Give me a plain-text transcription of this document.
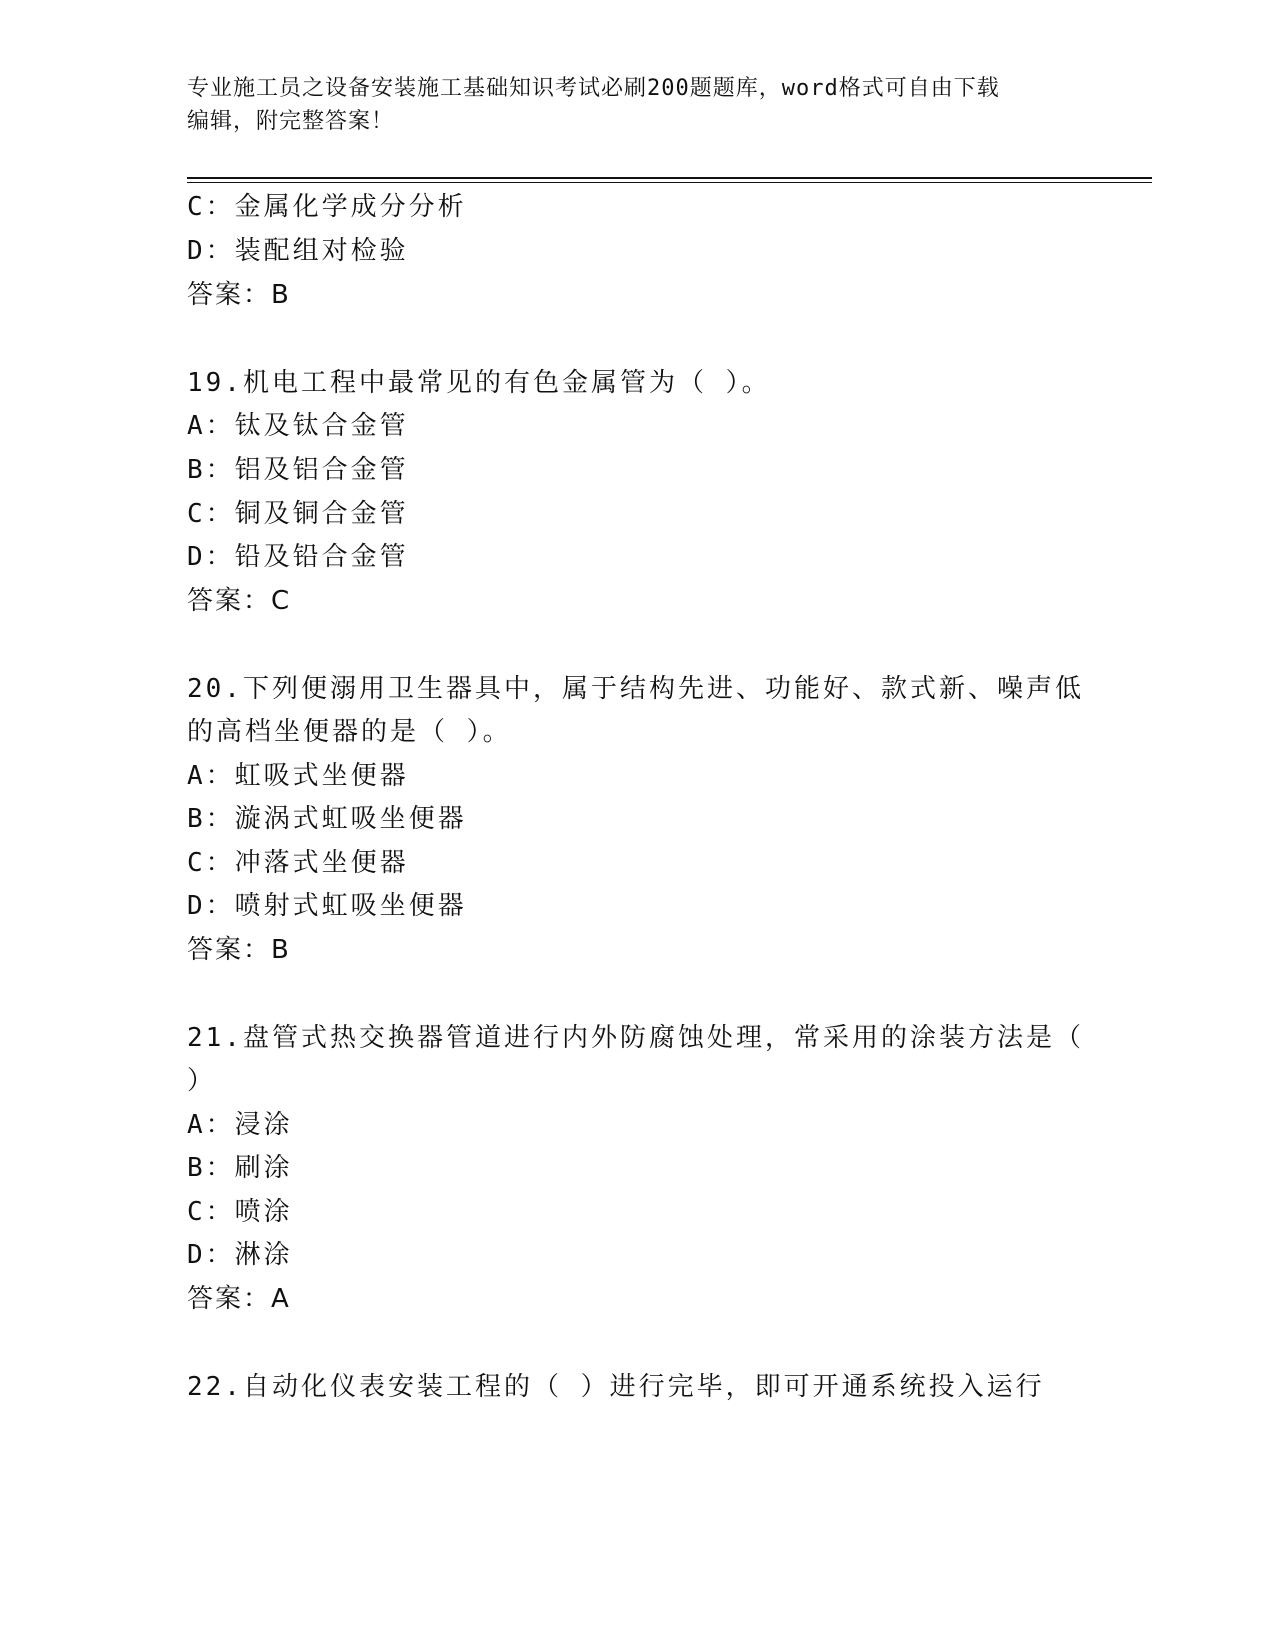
专业施工员之设备安装施工基础知识考试必刷200题题库，word格式可自由下载
编辑，附完整答案！
C：金属化学成分分析
D：装配组对检验
答案：B
19.机电工程中最常见的有色金属管为（ ）。
A：钛及钛合金管
B：铝及铝合金管
C：铜及铜合金管
D：铅及铅合金管
答案：C
20.下列便溺用卫生器具中，属于结构先进、功能好、款式新、噪声低
的高档坐便器的是（ ）。
A：虹吸式坐便器
B：漩涡式虹吸坐便器
C：冲落式坐便器
D：喷射式虹吸坐便器
答案：B
21.盘管式热交换器管道进行内外防腐蚀处理，常采用的涂装方法是（
）
A：浸涂
B：刷涂
C：喷涂
D：淋涂
答案：A
22.自动化仪表安装工程的（ ）进行完毕，即可开通系统投入运行
